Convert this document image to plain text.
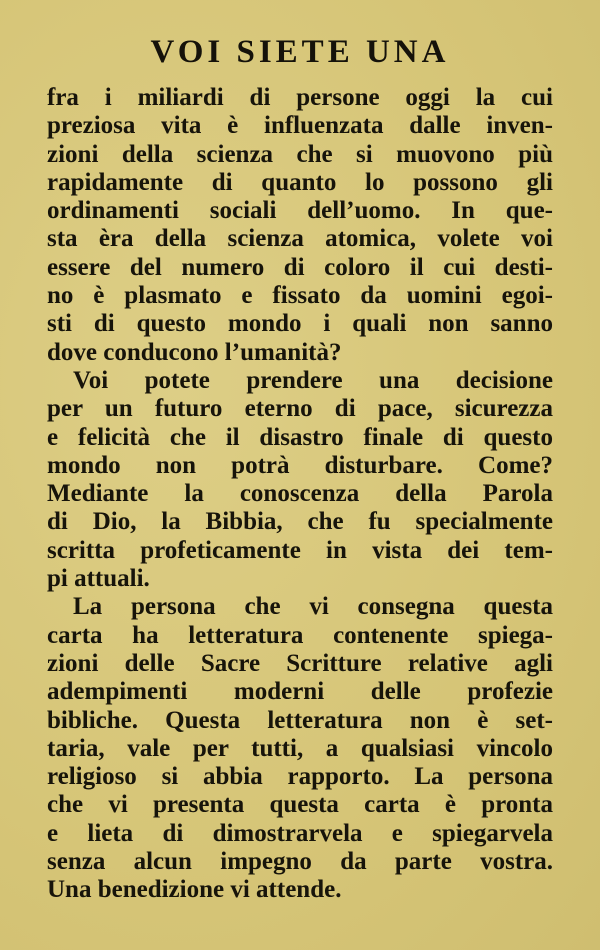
VOI SIETE UNA
fra i miliardi di persone oggi la cui
preziosa vita è influenzata dalle inven-
zioni della scienza che si muovono più
rapidamente di quanto lo possono gli
ordinamenti sociali dell’uomo. In que-
sta èra della scienza atomica, volete voi
essere del numero di coloro il cui desti-
no è plasmato e fissato da uomini egoi-
sti di questo mondo i quali non sanno
dove conducono l’umanità?
Voi potete prendere una decisione
per un futuro eterno di pace, sicurezza
e felicità che il disastro finale di questo
mondo non potrà disturbare. Come?
Mediante la conoscenza della Parola
di Dio, la Bibbia, che fu specialmente
scritta profeticamente in vista dei tem-
pi attuali.
La persona che vi consegna questa
carta ha letteratura contenente spiega-
zioni delle Sacre Scritture relative agli
adempimenti moderni delle profezie
bibliche. Questa letteratura non è set-
taria, vale per tutti, a qualsiasi vincolo
religioso si abbia rapporto. La persona
che vi presenta questa carta è pronta
e lieta di dimostrarvela e spiegarvela
senza alcun impegno da parte vostra.
Una benedizione vi attende.
